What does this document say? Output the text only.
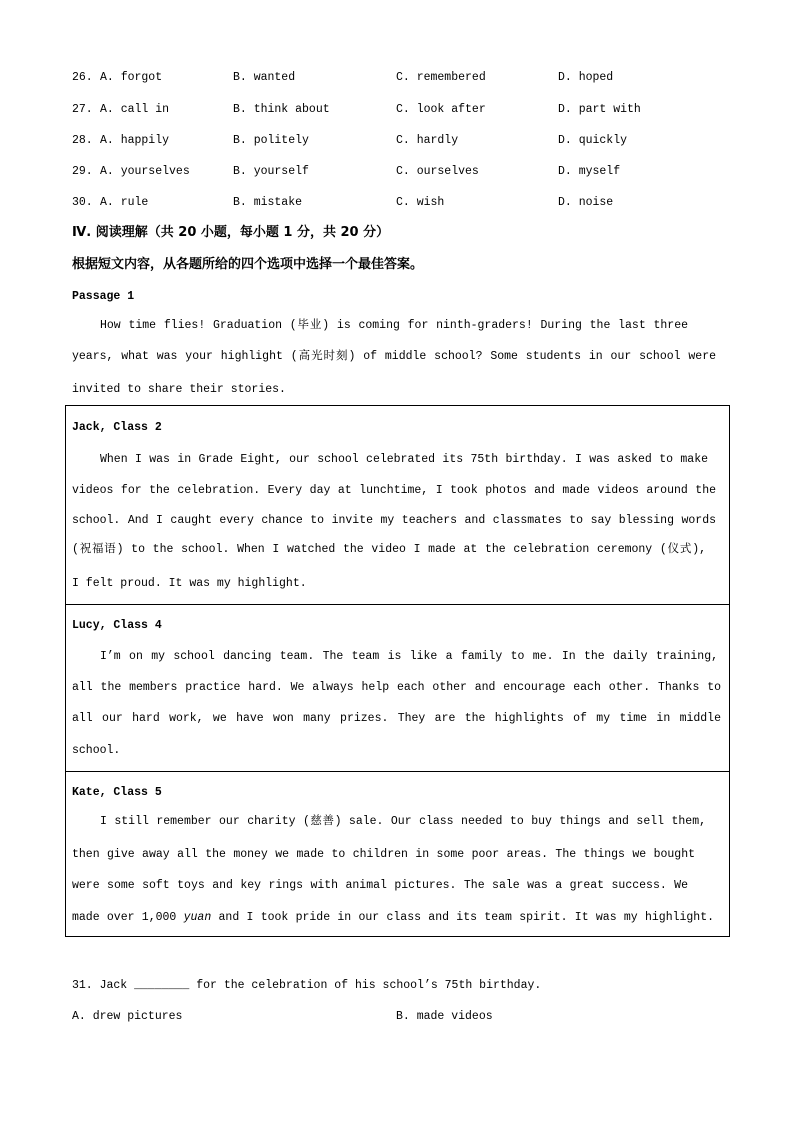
26. A. forgot	B. wanted	C. remembered	D. hoped
27. A. call in	B. think about	C. look after	D. part with
28. A. happily	B. politely	C. hardly	D. quickly
29. A. yourselves	B. yourself	C. ourselves	D. myself
30. A. rule	B. mistake	C. wish	D. noise
Ⅳ. 阅读理解（共 20 小题，每小题 1 分，共 20 分）
根据短文内容，从各题所给的四个选项中选择一个最佳答案。
Passage 1
How time flies! Graduation (毕业) is coming for ninth-graders! During the last three
years, what was your highlight (高光时刻) of middle school? Some students in our school were
invited to share their stories.
Jack, Class 2
When I was in Grade Eight, our school celebrated its 75th birthday. I was asked to make
videos for the celebration. Every day at lunchtime, I took photos and made videos around the
school. And I caught every chance to invite my teachers and classmates to say blessing words
(祝福语) to the school. When I watched the video I made at the celebration ceremony (仪式),
I felt proud. It was my highlight.
Lucy, Class 4
I’m on my school dancing team. The team is like a family to me. In the daily training,
all the members practice hard. We always help each other and encourage each other. Thanks to
all our hard work, we have won many prizes. They are the highlights of my time in middle
school.
Kate, Class 5
I still remember our charity (慈善) sale. Our class needed to buy things and sell them,
then give away all the money we made to children in some poor areas. The things we bought
were some soft toys and key rings with animal pictures. The sale was a great success. We
made over 1,000 yuan and I took pride in our class and its team spirit. It was my highlight.
31. Jack ________ for the celebration of his school’s 75th birthday.
A. drew pictures	B. made videos
